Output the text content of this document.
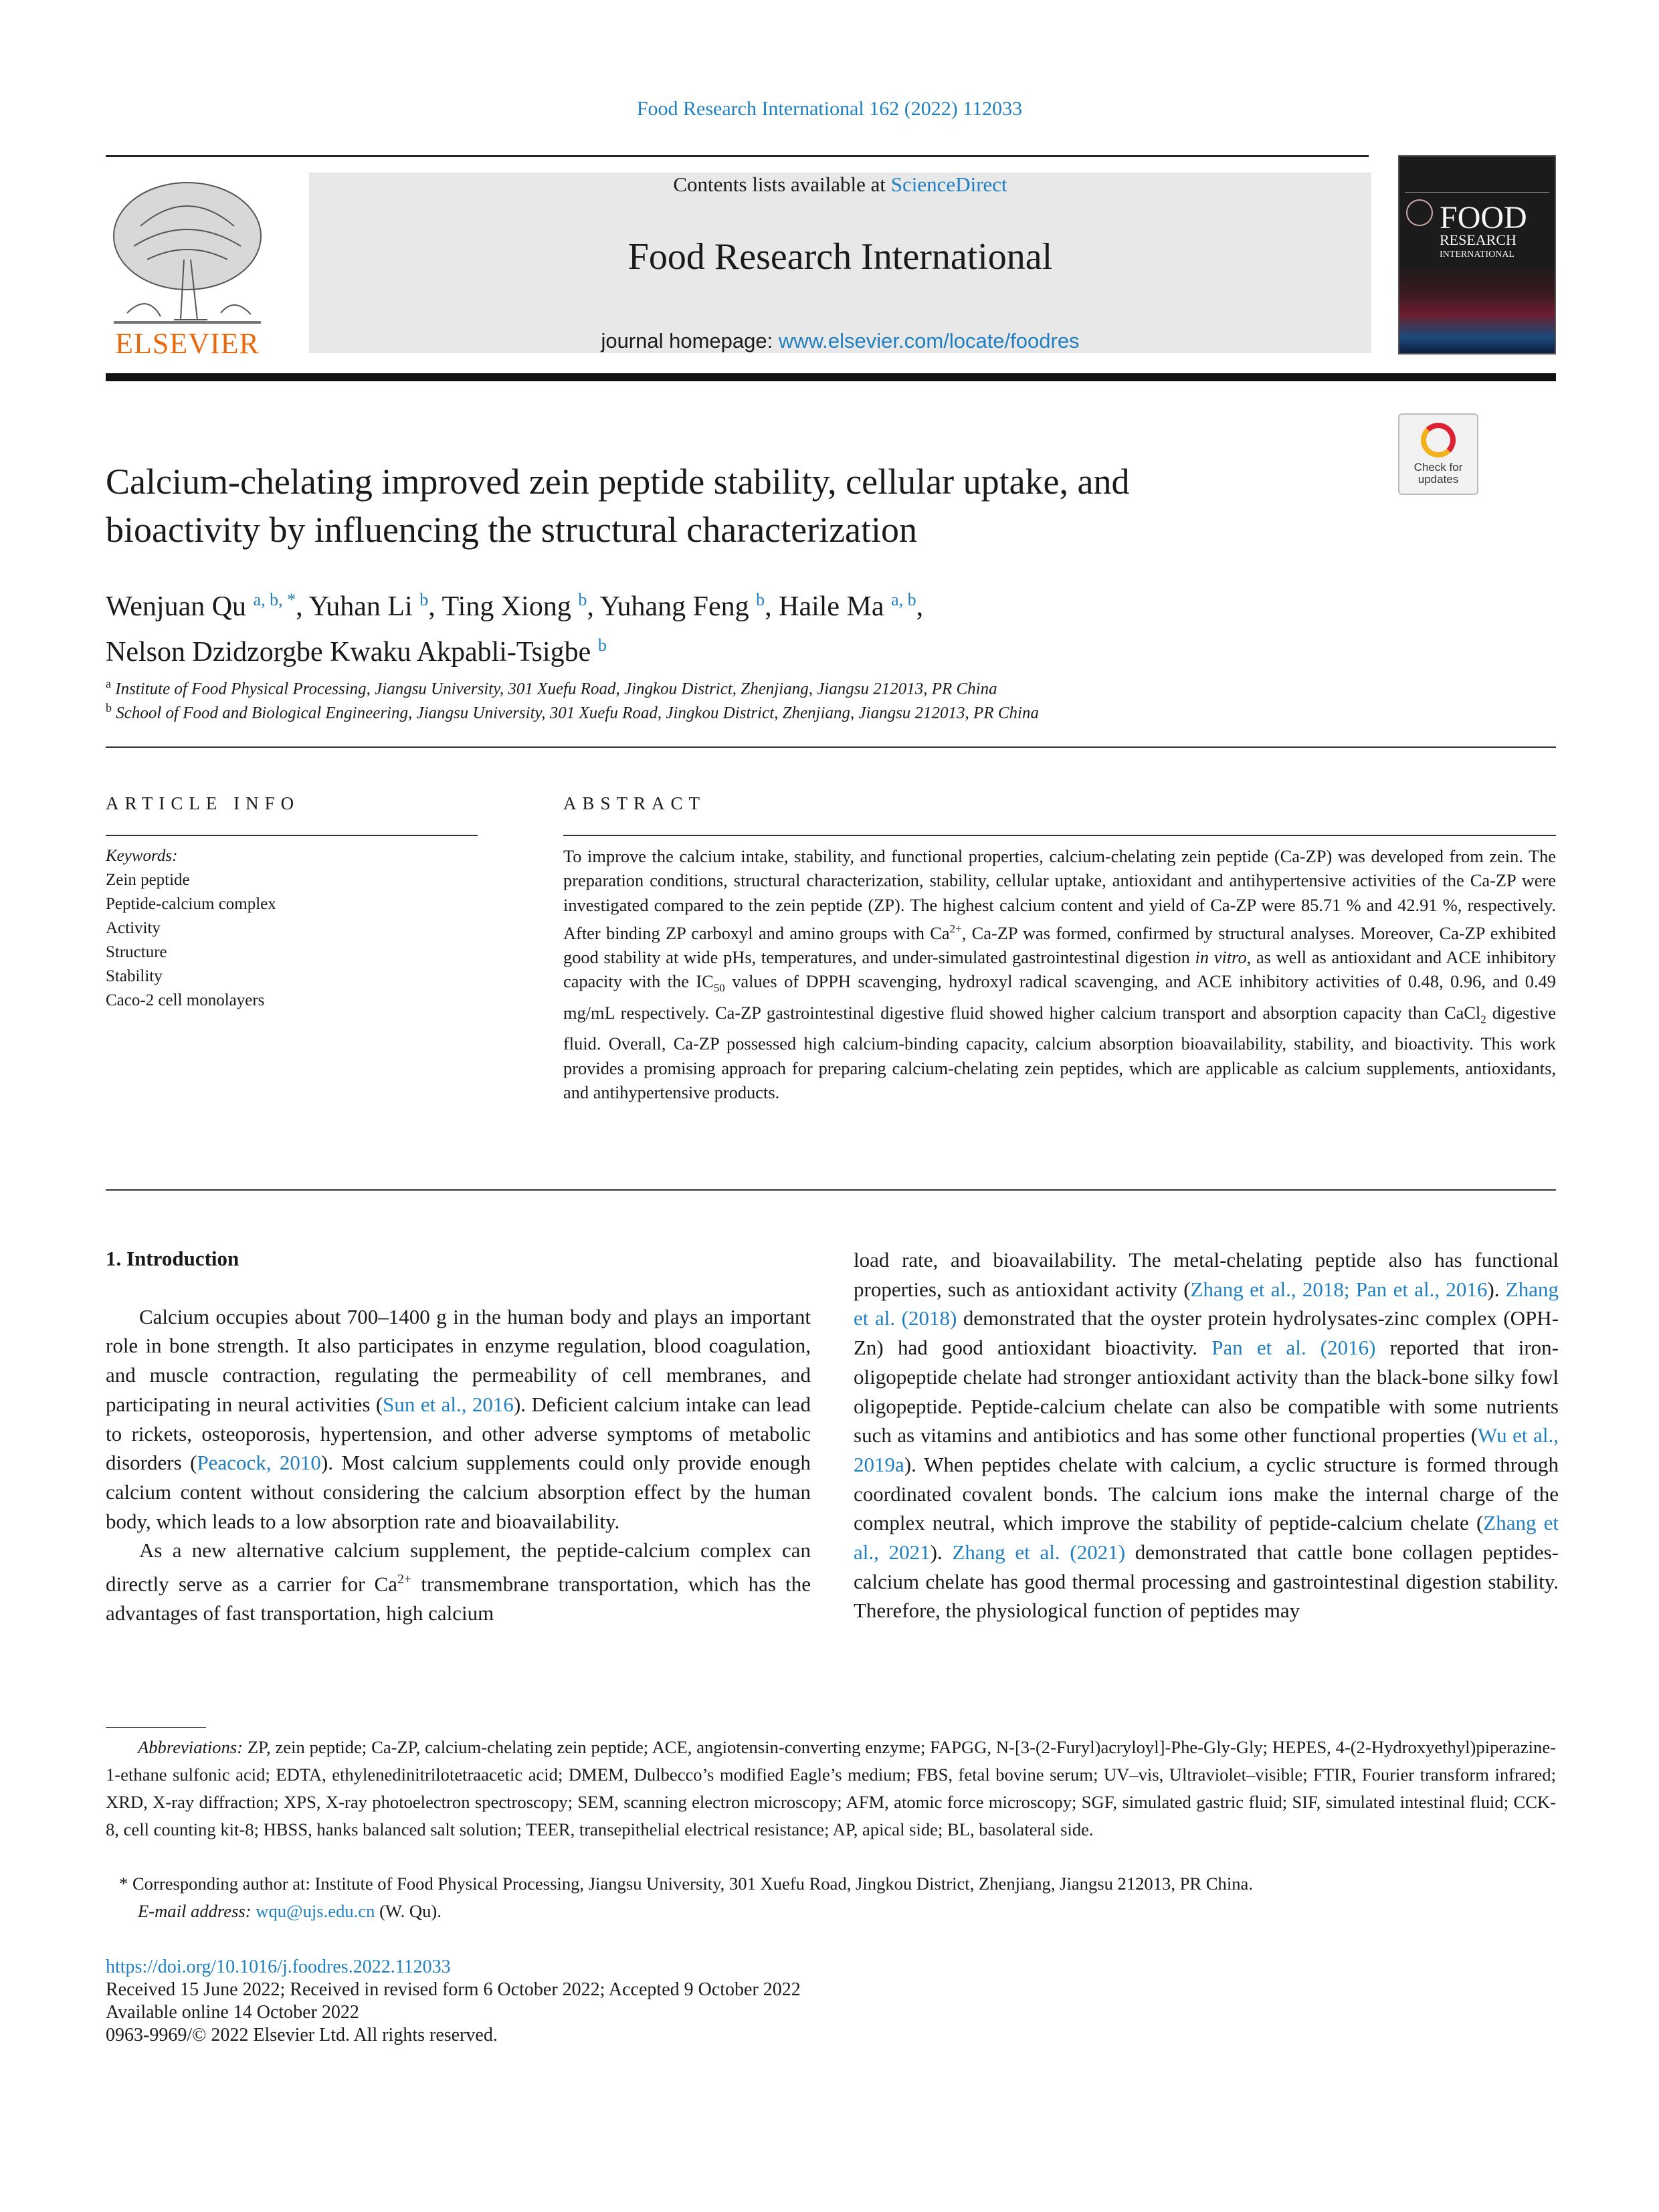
Food Research International 162 (2022) 112033
ELSEVIER
Contents lists available at ScienceDirect
Food Research International
journal homepage: www.elsevier.com/locate/foodres
FOOD
RESEARCH
INTERNATIONAL
Check for
updates
Calcium-chelating improved zein peptide stability, cellular uptake, and
bioactivity by influencing the structural characterization
Wenjuan Qu $^{a, b, *}$, Yuhan Li $^b$, Ting Xiong $^b$, Yuhang Feng $^b$, Haile Ma $^{a, b}$,
Nelson Dzidzorgbe Kwaku Akpabli-Tsigbe $^b$
$^a$ Institute of Food Physical Processing, Jiangsu University, 301 Xuefu Road, Jingkou District, Zhenjiang, Jiangsu 212013, PR China
$^b$ School of Food and Biological Engineering, Jiangsu University, 301 Xuefu Road, Jingkou District, Zhenjiang, Jiangsu 212013, PR China
ARTICLE INFO	ABSTRACT
Keywords:
Zein peptide
Peptide-calcium complex
Activity
Structure
Stability
Caco-2 cell monolayers
To improve the calcium intake, stability, and functional properties, calcium-chelating zein peptide (Ca-ZP) was developed from zein. The preparation conditions, structural characterization, stability, cellular uptake, antioxidant and antihypertensive activities of the Ca-ZP were investigated compared to the zein peptide (ZP). The highest calcium content and yield of Ca-ZP were 85.71 % and 42.91 %, respectively. After binding ZP carboxyl and amino groups with $Ca^{2+}$, Ca-ZP was formed, confirmed by structural analyses. Moreover, Ca-ZP exhibited good stability at wide pHs, temperatures, and under-simulated gastrointestinal digestion in vitro, as well as antioxidant and ACE inhibitory capacity with the $IC_{50}$ values of DPPH scavenging, hydroxyl radical scavenging, and ACE inhibitory activities of 0.48, 0.96, and 0.49 mg/mL respectively. Ca-ZP gastrointestinal digestive fluid showed higher calcium transport and absorption capacity than CaCl$_2$ digestive fluid. Overall, Ca-ZP possessed high calcium-binding capacity, calcium absorption bioavailability, stability, and bioactivity. This work provides a promising approach for preparing calcium-chelating zein peptides, which are applicable as calcium supplements, antioxidants, and antihypertensive products.
1. Introduction

Calcium occupies about 700–1400 g in the human body and plays an important role in bone strength. It also participates in enzyme regulation, blood coagulation, and muscle contraction, regulating the permeability of cell membranes, and participating in neural activities (Sun et al., 2016). Deficient calcium intake can lead to rickets, osteoporosis, hypertension, and other adverse symptoms of metabolic disorders (Peacock, 2010). Most calcium supplements could only provide enough calcium content without considering the calcium absorption effect by the human body, which leads to a low absorption rate and bioavailability.

As a new alternative calcium supplement, the peptide-calcium complex can directly serve as a carrier for $Ca^{2+}$ transmembrane transportation, which has the advantages of fast transportation, high calcium

load rate, and bioavailability. The metal-chelating peptide also has functional properties, such as antioxidant activity (Zhang et al., 2018; Pan et al., 2016). Zhang et al. (2018) demonstrated that the oyster protein hydrolysates-zinc complex (OPH-Zn) had good antioxidant bioactivity. Pan et al. (2016) reported that iron-oligopeptide chelate had stronger antioxidant activity than the black-bone silky fowl oligopeptide. Peptide-calcium chelate can also be compatible with some nutrients such as vitamins and antibiotics and has some other functional properties (Wu et al., 2019a). When peptides chelate with calcium, a cyclic structure is formed through coordinated covalent bonds. The calcium ions make the internal charge of the complex neutral, which improve the stability of peptide-calcium chelate (Zhang et al., 2021). Zhang et al. (2021) demonstrated that cattle bone collagen peptides-calcium chelate has good thermal processing and gastrointestinal digestion stability. Therefore, the physiological function of peptides may

Abbreviations: ZP, zein peptide; Ca-ZP, calcium-chelating zein peptide; ACE, angiotensin-converting enzyme; FAPGG, N-[3-(2-Furyl)acryloyl]-Phe-Gly-Gly; HEPES, 4-(2-Hydroxyethyl)piperazine-1-ethane sulfonic acid; EDTA, ethylenedinitrilotetraacetic acid; DMEM, Dulbecco’s modified Eagle’s medium; FBS, fetal bovine serum; UV–vis, Ultraviolet–visible; FTIR, Fourier transform infrared; XRD, X-ray diffraction; XPS, X-ray photoelectron spectroscopy; SEM, scanning electron microscopy; AFM, atomic force microscopy; SGF, simulated gastric fluid; SIF, simulated intestinal fluid; CCK-8, cell counting kit-8; HBSS, hanks balanced salt solution; TEER, transepithelial electrical resistance; AP, apical side; BL, basolateral side.
* Corresponding author at: Institute of Food Physical Processing, Jiangsu University, 301 Xuefu Road, Jingkou District, Zhenjiang, Jiangsu 212013, PR China.
E-mail address: wqu@ujs.edu.cn (W. Qu).
https://doi.org/10.1016/j.foodres.2022.112033
Received 15 June 2022; Received in revised form 6 October 2022; Accepted 9 October 2022
Available online 14 October 2022
0963-9969/© 2022 Elsevier Ltd. All rights reserved.
